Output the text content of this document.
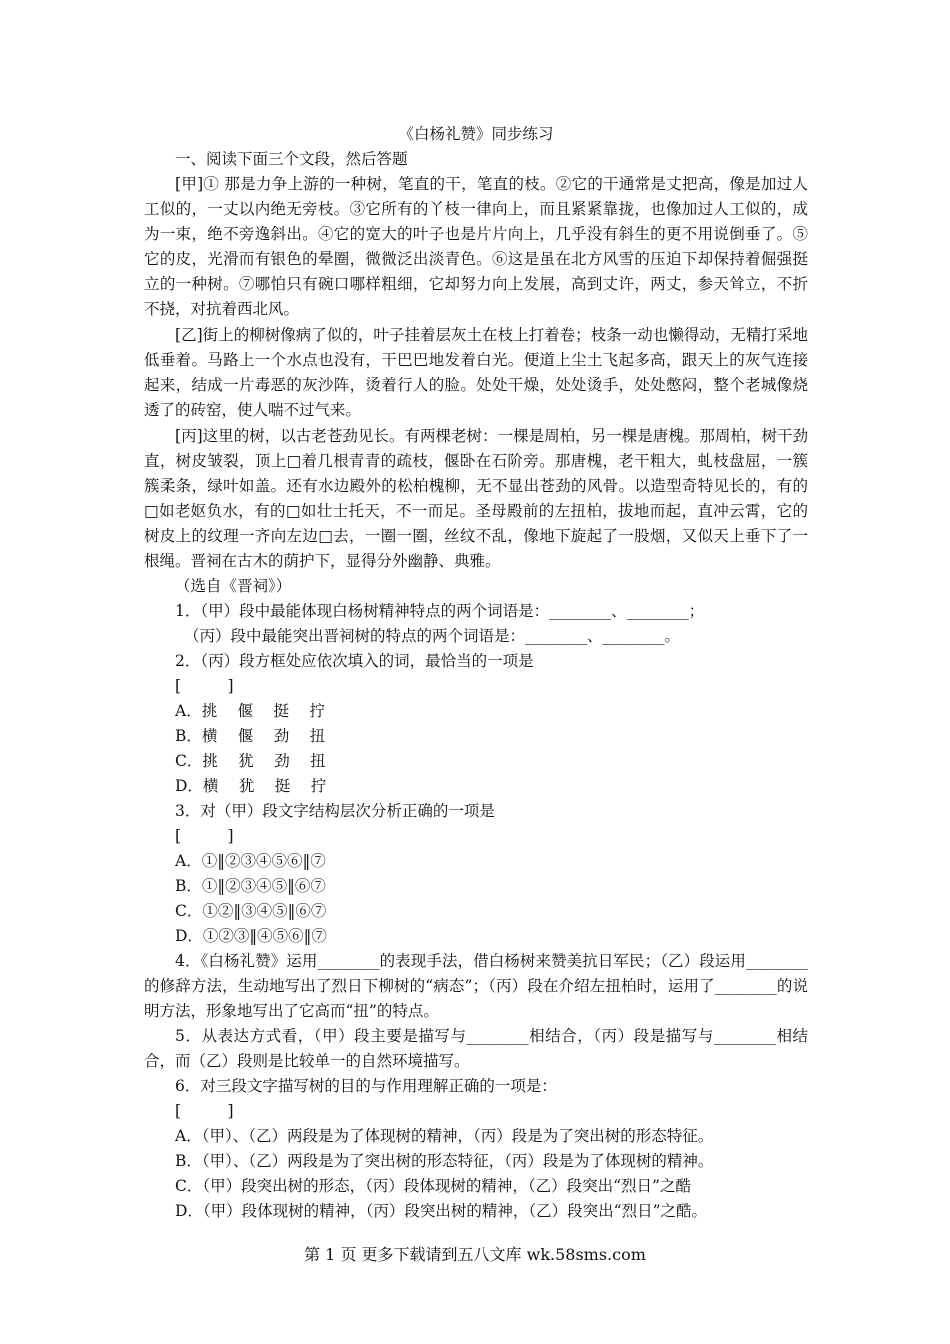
《白杨礼赞》同步练习

一、阅读下面三个文段，然后答题

[甲]① 那是力争上游的一种树，笔直的干，笔直的枝。②它的干通常是丈把高，像是加过人工似的，一丈以内绝无旁枝。③它所有的丫枝一律向上，而且紧紧靠拢，也像加过人工似的，成为一束，绝不旁逸斜出。④它的宽大的叶子也是片片向上，几乎没有斜生的更不用说倒垂了。⑤它的皮，光滑而有银色的晕圈，微微泛出淡青色。⑥这是虽在北方风雪的压迫下却保持着倔强挺立的一种树。⑦哪怕只有碗口哪样粗细，它却努力向上发展，高到丈许，两丈，参天耸立，不折不挠，对抗着西北风。

[乙]街上的柳树像病了似的，叶子挂着层灰土在枝上打着卷；枝条一动也懒得动，无精打采地低垂着。马路上一个水点也没有，干巴巴地发着白光。便道上尘土飞起多高，跟天上的灰气连接起来，结成一片毒恶的灰沙阵，烫着行人的脸。处处干燥，处处烫手，处处憋闷，整个老城像烧透了的砖窑，使人喘不过气来。

[丙]这里的树，以古老苍劲见长。有两棵老树：一棵是周柏，另一棵是唐槐。那周柏，树干劲直，树皮皱裂，顶上□着几根青青的疏枝，偃卧在石阶旁。那唐槐，老干粗大，虬枝盘屈，一簇簇柔条，绿叶如盖。还有水边殿外的松柏槐柳，无不显出苍劲的风骨。以造型奇特见长的，有的□如老妪负水，有的□如壮士托天，不一而足。圣母殿前的左扭柏，拔地而起，直冲云霄，它的树皮上的纹理一齐向左边□去，一圈一圈，丝纹不乱，像地下旋起了一股烟，又似天上垂下了一根绳。晋祠在古木的荫护下，显得分外幽静、典雅。

（选自《晋祠》）

1．（甲）段中最能体现白杨树精神特点的两个词语是：________、________；

（丙）段中最能突出晋祠树的特点的两个词语是：________、________。

2．（丙）段方框处应依次填入的词，最恰当的一项是

[　　　]

A．挑　 偃　 挺　 拧

B．横　 偃　 劲　 扭

C．挑　 犹　 劲　 扭

D．横　 犹　 挺　 拧

3．对（甲）段文字结构层次分析正确的一项是

[　　　]

A．①‖②③④⑤⑥‖⑦

B．①‖②③④⑤‖⑥⑦

C．①②‖③④⑤‖⑥⑦

D．①②③‖④⑤⑥‖⑦

4．《白杨礼赞》运用________的表现手法，借白杨树来赞美抗日军民；（乙）段运用________的修辞方法，生动地写出了烈日下柳树的“病态”；（丙）段在介绍左扭柏时，运用了________的说明方法，形象地写出了它高而“扭”的特点。

5．从表达方式看，（甲）段主要是描写与________相结合，（丙）段是描写与________相结合，而（乙）段则是比较单一的自然环境描写。

6．对三段文字描写树的目的与作用理解正确的一项是：

[　　　]

A．（甲）、（乙）两段是为了体现树的精神，（丙）段是为了突出树的形态特征。

B．（甲）、（乙）两段是为了突出树的形态特征，（丙）段是为了体现树的精神。

C．（甲）段突出树的形态，（丙）段体现树的精神，（乙）段突出“烈日”之酷

D．（甲）段体现树的精神，（丙）段突出树的精神，（乙）段突出“烈日”之酷。

第 1 页 更多下载请到五八文库 wk.58sms.com
